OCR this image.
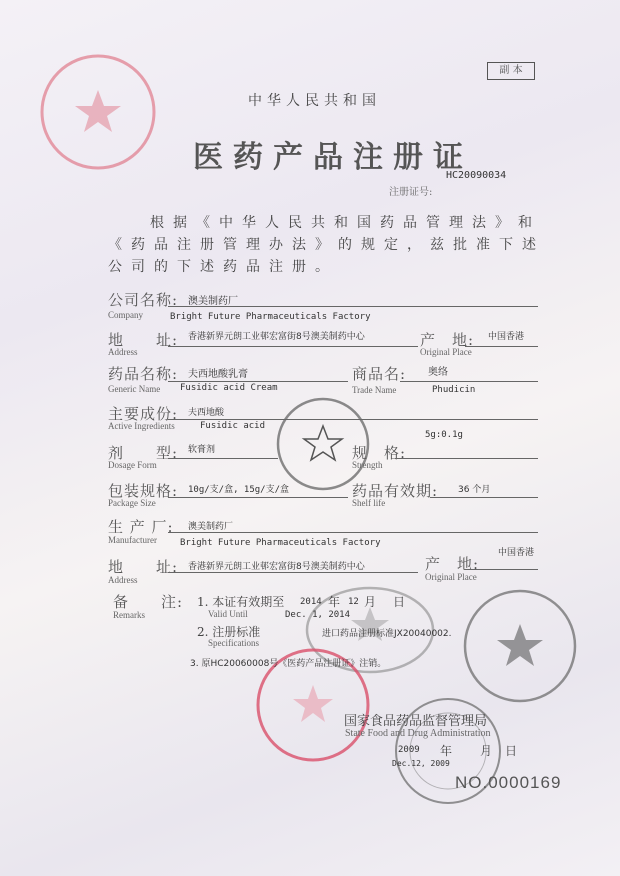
副 本
中华人民共和国
医药产品注册证
HC20090034
注册证号:
根据《中华人民共和国药品管理法》和
《药品注册管理办法》的规定，兹批准下述
公司的下述药品注册。
公司名称: 澳美制药厂
Company	Bright Future Pharmaceuticals Factory
地　　址: 香港新界元朗工业邨宏富街8号澳美制药中心
Address
产　地: 中国香港
Original Place
药品名称: 夫西地酸乳膏
Generic Name Fusidic acid Cream
商品名: 奥络
Trade Name	Phudicin
主要成份: 夫西地酸
Active Ingredients	Fusidic acid
剂　　型: 软膏剂
Dosage Form
规　格:
5g:0.1g
Strength
包装规格: 10g/支/盒, 15g/支/盒
Package Size
药品有效期: 36 个月
Shelf life
生 产 厂: 澳美制药厂
Manufacturer	Bright Future Pharmaceuticals Factory
地　　址: 香港新界元朗工业邨宏富街8号澳美制药中心
Address
产　地:
中国香港
Original Place
备　　注:
Remarks
1. 本证有效期至 2014 年 12 月 日
Valid Until	Dec. 1, 2014
2. 注册标准
Specifications
进口药品注册标准JX20040002.
3. 原HC20060008号《医药产品注册证》注销。
国家食品药品监督管理局
State Food and Drug Administration
2009 年 月 日
Dec.12, 2009
NO.0000169
